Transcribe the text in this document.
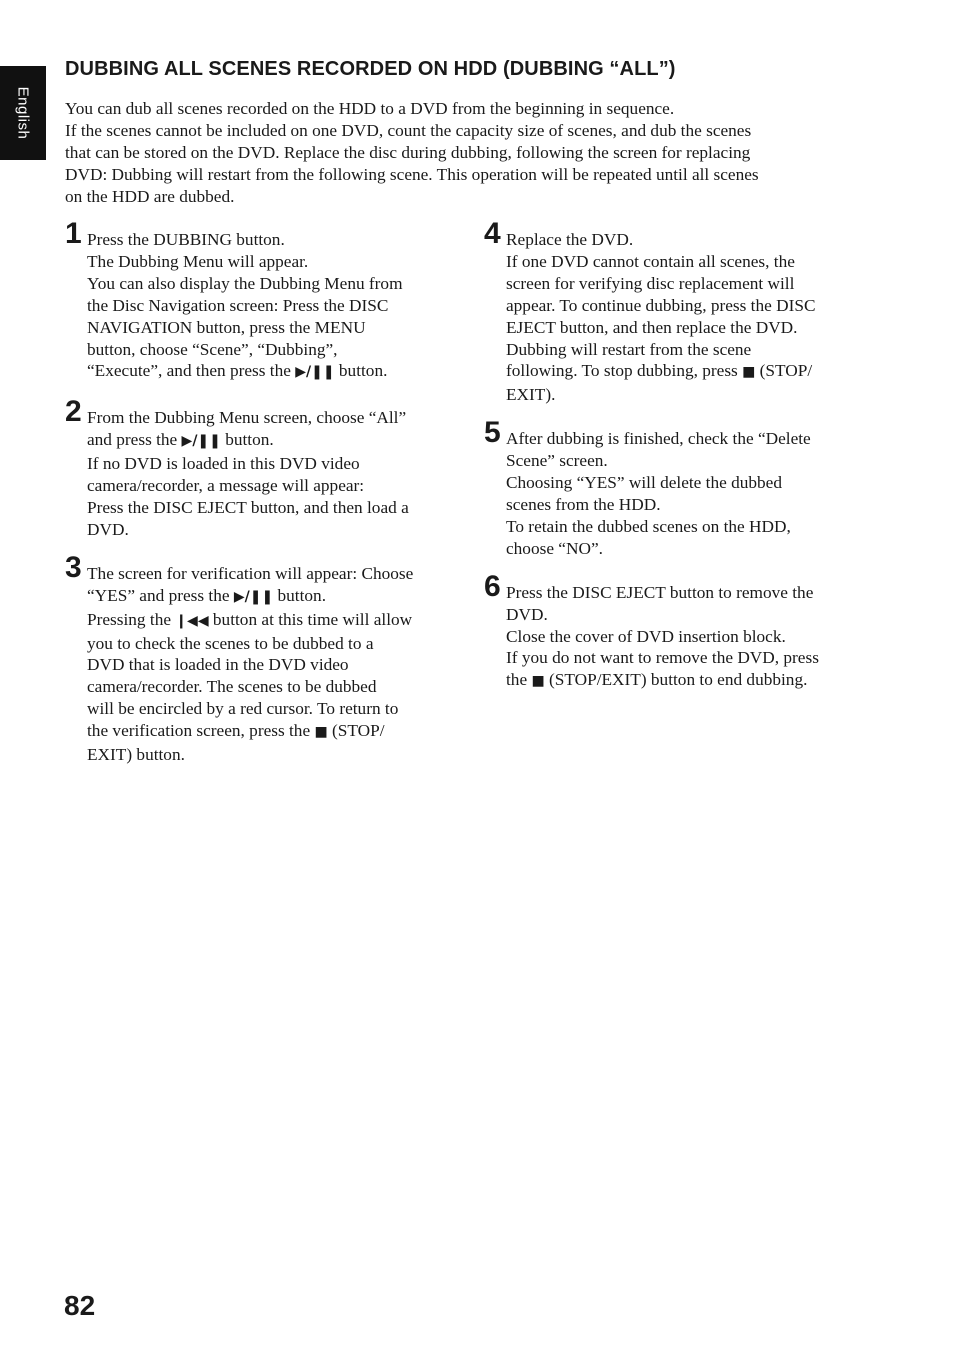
English
DUBBING ALL SCENES RECORDED ON HDD (DUBBING “ALL”)

You can dub all scenes recorded on the HDD to a DVD from the beginning in sequence.

If the scenes cannot be included on one DVD, count the capacity size of scenes, and dub the scenes

that can be stored on the DVD. Replace the disc during dubbing, following the screen for replacing

DVD: Dubbing will restart from the following scene. This operation will be repeated until all scenes

on the HDD are dubbed.

1 Press the DUBBING button.
The Dubbing Menu will appear.
You can also display the Dubbing Menu from
the Disc Navigation screen: Press the DISC
NAVIGATION button, press the MENU
button, choose “Scene”, “Dubbing”,
“Execute”, and then press the ▶/❚❚ button.
2 From the Dubbing Menu screen, choose “All”
and press the ▶/❚❚ button.
If no DVD is loaded in this DVD video
camera/recorder, a message will appear:
Press the DISC EJECT button, and then load a
DVD.
3 The screen for verification will appear: Choose
“YES” and press the ▶/❚❚ button.
Pressing the ❙◀◀ button at this time will allow
you to check the scenes to be dubbed to a
DVD that is loaded in the DVD video
camera/recorder. The scenes to be dubbed
will be encircled by a red cursor. To return to
the verification screen, press the ■ (STOP/
EXIT) button.
4 Replace the DVD.
If one DVD cannot contain all scenes, the
screen for verifying disc replacement will
appear. To continue dubbing, press the DISC
EJECT button, and then replace the DVD.
Dubbing will restart from the scene
following. To stop dubbing, press ■ (STOP/
EXIT).
5 After dubbing is finished, check the “Delete
Scene” screen.
Choosing “YES” will delete the dubbed
scenes from the HDD.
To retain the dubbed scenes on the HDD,
choose “NO”.
6 Press the DISC EJECT button to remove the
DVD.
Close the cover of DVD insertion block.
If you do not want to remove the DVD, press
the ■ (STOP/EXIT) button to end dubbing.
82
